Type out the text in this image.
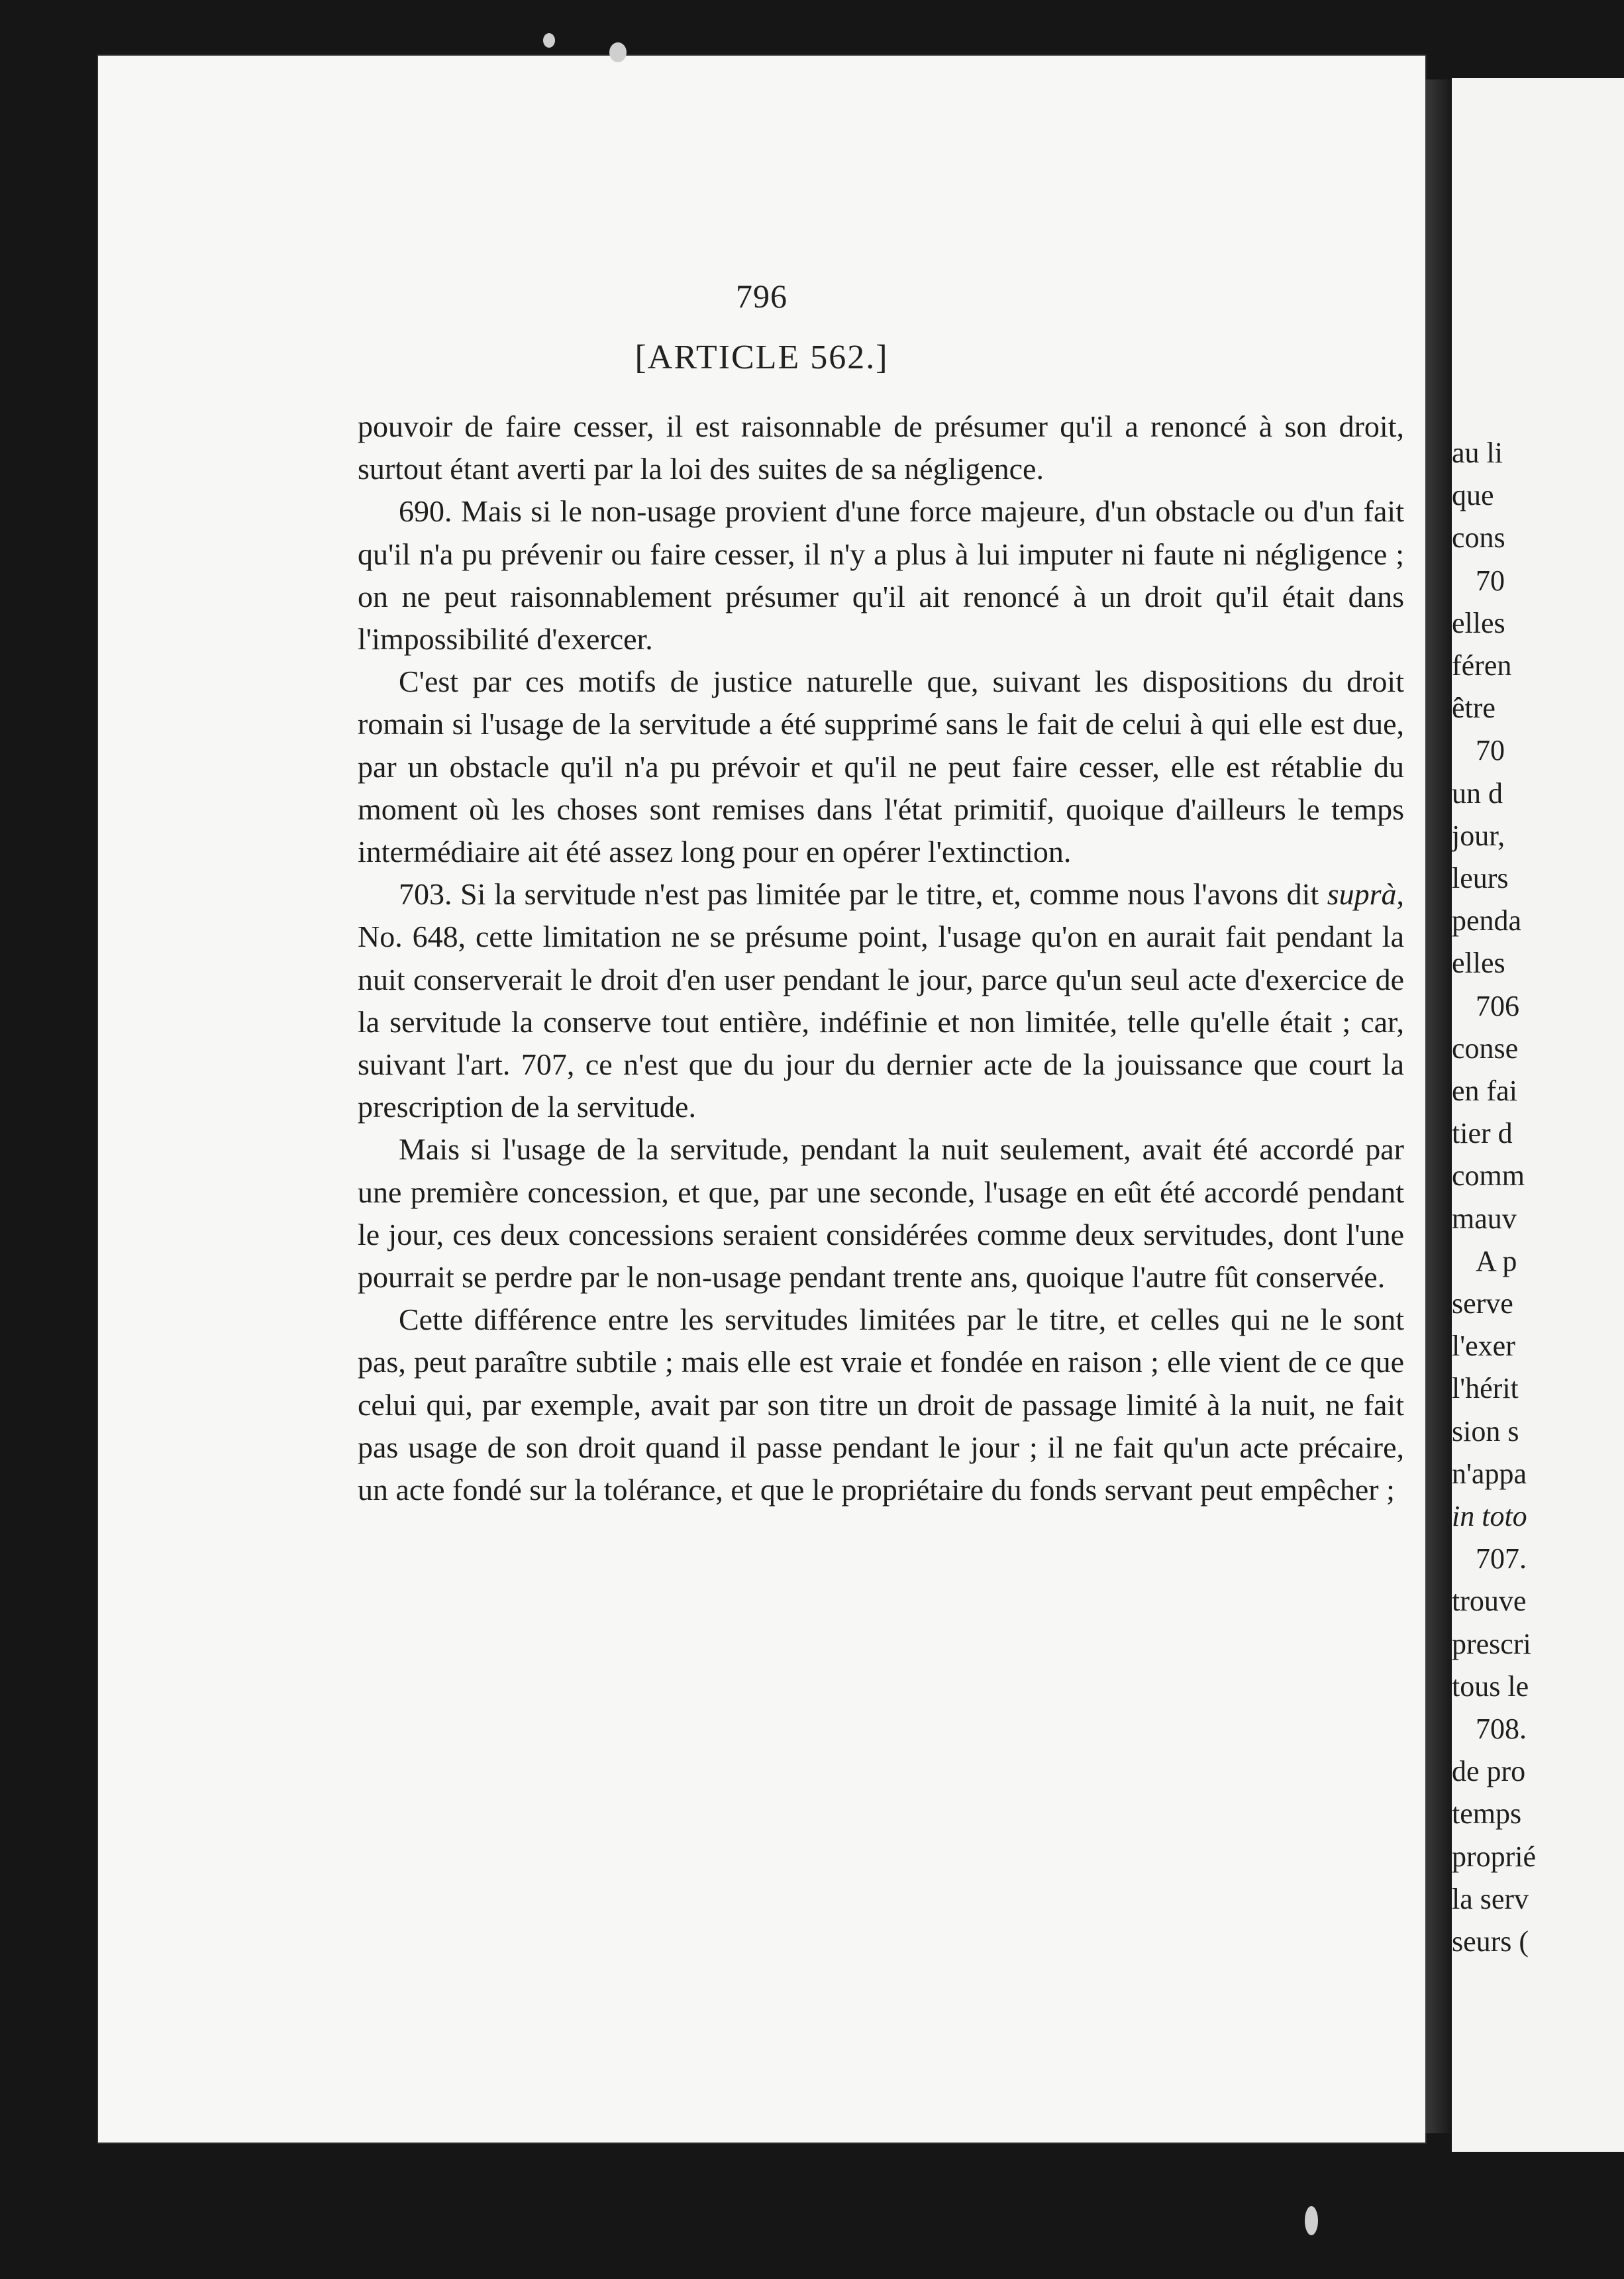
796
[ARTICLE 562.]

pouvoir de faire cesser, il est raisonnable de présumer qu'il a renoncé à son droit, surtout étant averti par la loi des suites de sa négligence.

690. Mais si le non-usage provient d'une force majeure, d'un obstacle ou d'un fait qu'il n'a pu prévenir ou faire cesser, il n'y a plus à lui imputer ni faute ni négligence ; on ne peut raisonnablement présumer qu'il ait renoncé à un droit qu'il était dans l'impossibilité d'exercer.

C'est par ces motifs de justice naturelle que, suivant les dispositions du droit romain si l'usage de la servitude a été supprimé sans le fait de celui à qui elle est due, par un obstacle qu'il n'a pu prévoir et qu'il ne peut faire cesser, elle est rétablie du moment où les choses sont remises dans l'état primitif, quoique d'ailleurs le temps intermédiaire ait été assez long pour en opérer l'extinction.

703. Si la servitude n'est pas limitée par le titre, et, comme nous l'avons dit suprà, No. 648, cette limitation ne se présume point, l'usage qu'on en aurait fait pendant la nuit conserverait le droit d'en user pendant le jour, parce qu'un seul acte d'exercice de la servitude la conserve tout entière, indéfinie et non limitée, telle qu'elle était ; car, suivant l'art. 707, ce n'est que du jour du dernier acte de la jouissance que court la prescription de la servitude.

Mais si l'usage de la servitude, pendant la nuit seulement, avait été accordé par une première concession, et que, par une seconde, l'usage en eût été accordé pendant le jour, ces deux concessions seraient considérées comme deux servitudes, dont l'une pourrait se perdre par le non-usage pendant trente ans, quoique l'autre fût conservée.

Cette différence entre les servitudes limitées par le titre, et celles qui ne le sont pas, peut paraître subtile ; mais elle est vraie et fondée en raison ; elle vient de ce que celui qui, par exemple, avait par son titre un droit de passage limité à la nuit, ne fait pas usage de son droit quand il passe pendant le jour ; il ne fait qu'un acte précaire, un acte fondé sur la tolérance, et que le propriétaire du fonds servant peut empêcher ;

au li
que
cons
70
elles
féren
être
70
un d
jour,
leurs
penda
elles
706
conse
en fai
tier d
comm
mauv
A p
serve
l'exer
l'hérit
sion s
n'appa
in toto
707.
trouve
prescri
tous le
708.
de pro
temps
proprié
la serv
seurs (
